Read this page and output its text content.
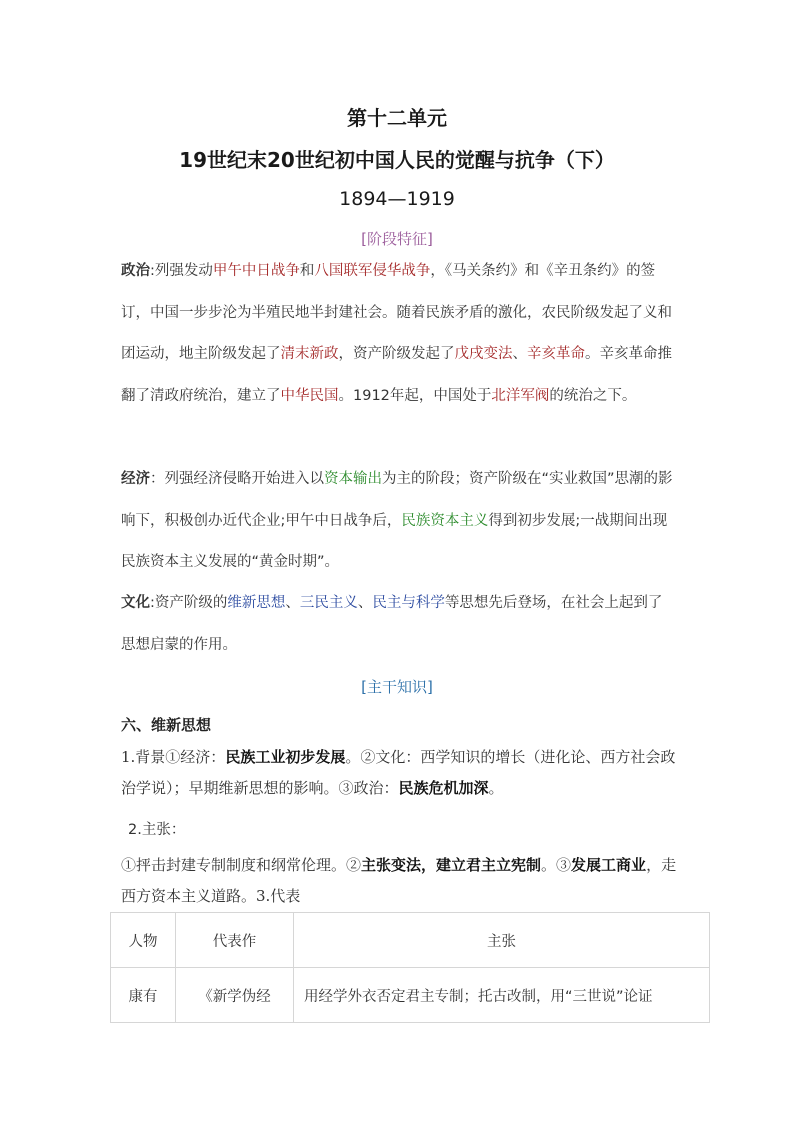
第十二单元
19世纪末20世纪初中国人民的觉醒与抗争（下）
1894—1919
[阶段特征]
政治:列强发动甲午中日战争和八国联军侵华战争，《马关条约》和《辛丑条约》的签订，中国一步步沦为半殖民地半封建社会。随着民族矛盾的激化，农民阶级发起了义和团运动，地主阶级发起了清末新政，资产阶级发起了戊戌变法、辛亥革命。辛亥革命推翻了清政府统治，建立了中华民国。1912年起，中国处于北洋军阀的统治之下。
经济：列强经济侵略开始进入以资本输出为主的阶段；资产阶级在“实业救国”思潮的影响下，积极创办近代企业;甲午中日战争后，民族资本主义得到初步发展;一战期间出现民族资本主义发展的“黄金时期”。
文化:资产阶级的维新思想、三民主义、民主与科学等思想先后登场，在社会上起到了思想启蒙的作用。
[主干知识]
六、维新思想
1.背景①经济：民族工业初步发展。②文化：西学知识的增长（进化论、西方社会政治学说）；早期维新思想的影响。③政治：民族危机加深。
2.主张：
①抨击封建专制制度和纲常伦理。②主张变法，建立君主立宪制。③发展工商业，走西方资本主义道路。3.代表
人物	代表作	主张
康有	《新学伪经	用经学外衣否定君主专制；托古改制，用“三世说”论证
